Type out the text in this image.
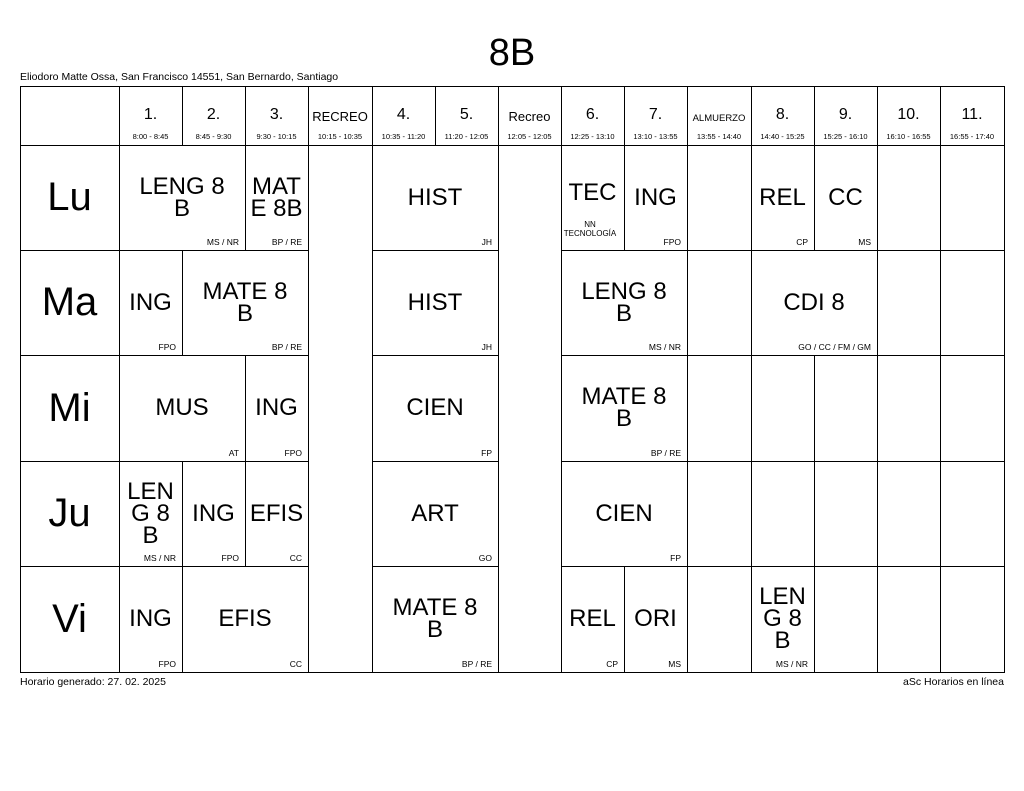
8B
Eliodoro Matte Ossa, San Francisco 14551, San Bernardo, Santiago
1.
8:00 - 8:45
2.
8:45 - 9:30
3.
9:30 - 10:15
RECREO
10:15 - 10:35
4.
10:35 - 11:20
5.
11:20 - 12:05
Recreo
12:05 - 12:05
6.
12:25 - 13:10
7.
13:10 - 13:55
ALMUERZO
13:55 - 14:40
8.
14:40 - 15:25
9.
15:25 - 16:10
10.
16:10 - 16:55
11.
16:55 - 17:40
Lu
Ma
Mi
Ju
Vi
LENG 8B
MS / NR
MATE 8B
BP / RE
HIST
JH
TEC
NN TECNOLOGÍA
ING
FPO
REL
CP
CC
MS
ING
FPO
MATE 8B
BP / RE
HIST
JH
LENG 8B
MS / NR
CDI 8
GO / CC / FM / GM
MUS
AT
ING
FPO
CIEN
FP
MATE 8B
BP / RE
LENG 8B
MS / NR
ING
FPO
EFIS
CC
ART
GO
CIEN
FP
ING
FPO
EFIS
CC
MATE 8B
BP / RE
REL
CP
ORI
MS
LENG 8B
MS / NR
Horario generado: 27. 02. 2025	aSc Horarios en línea
